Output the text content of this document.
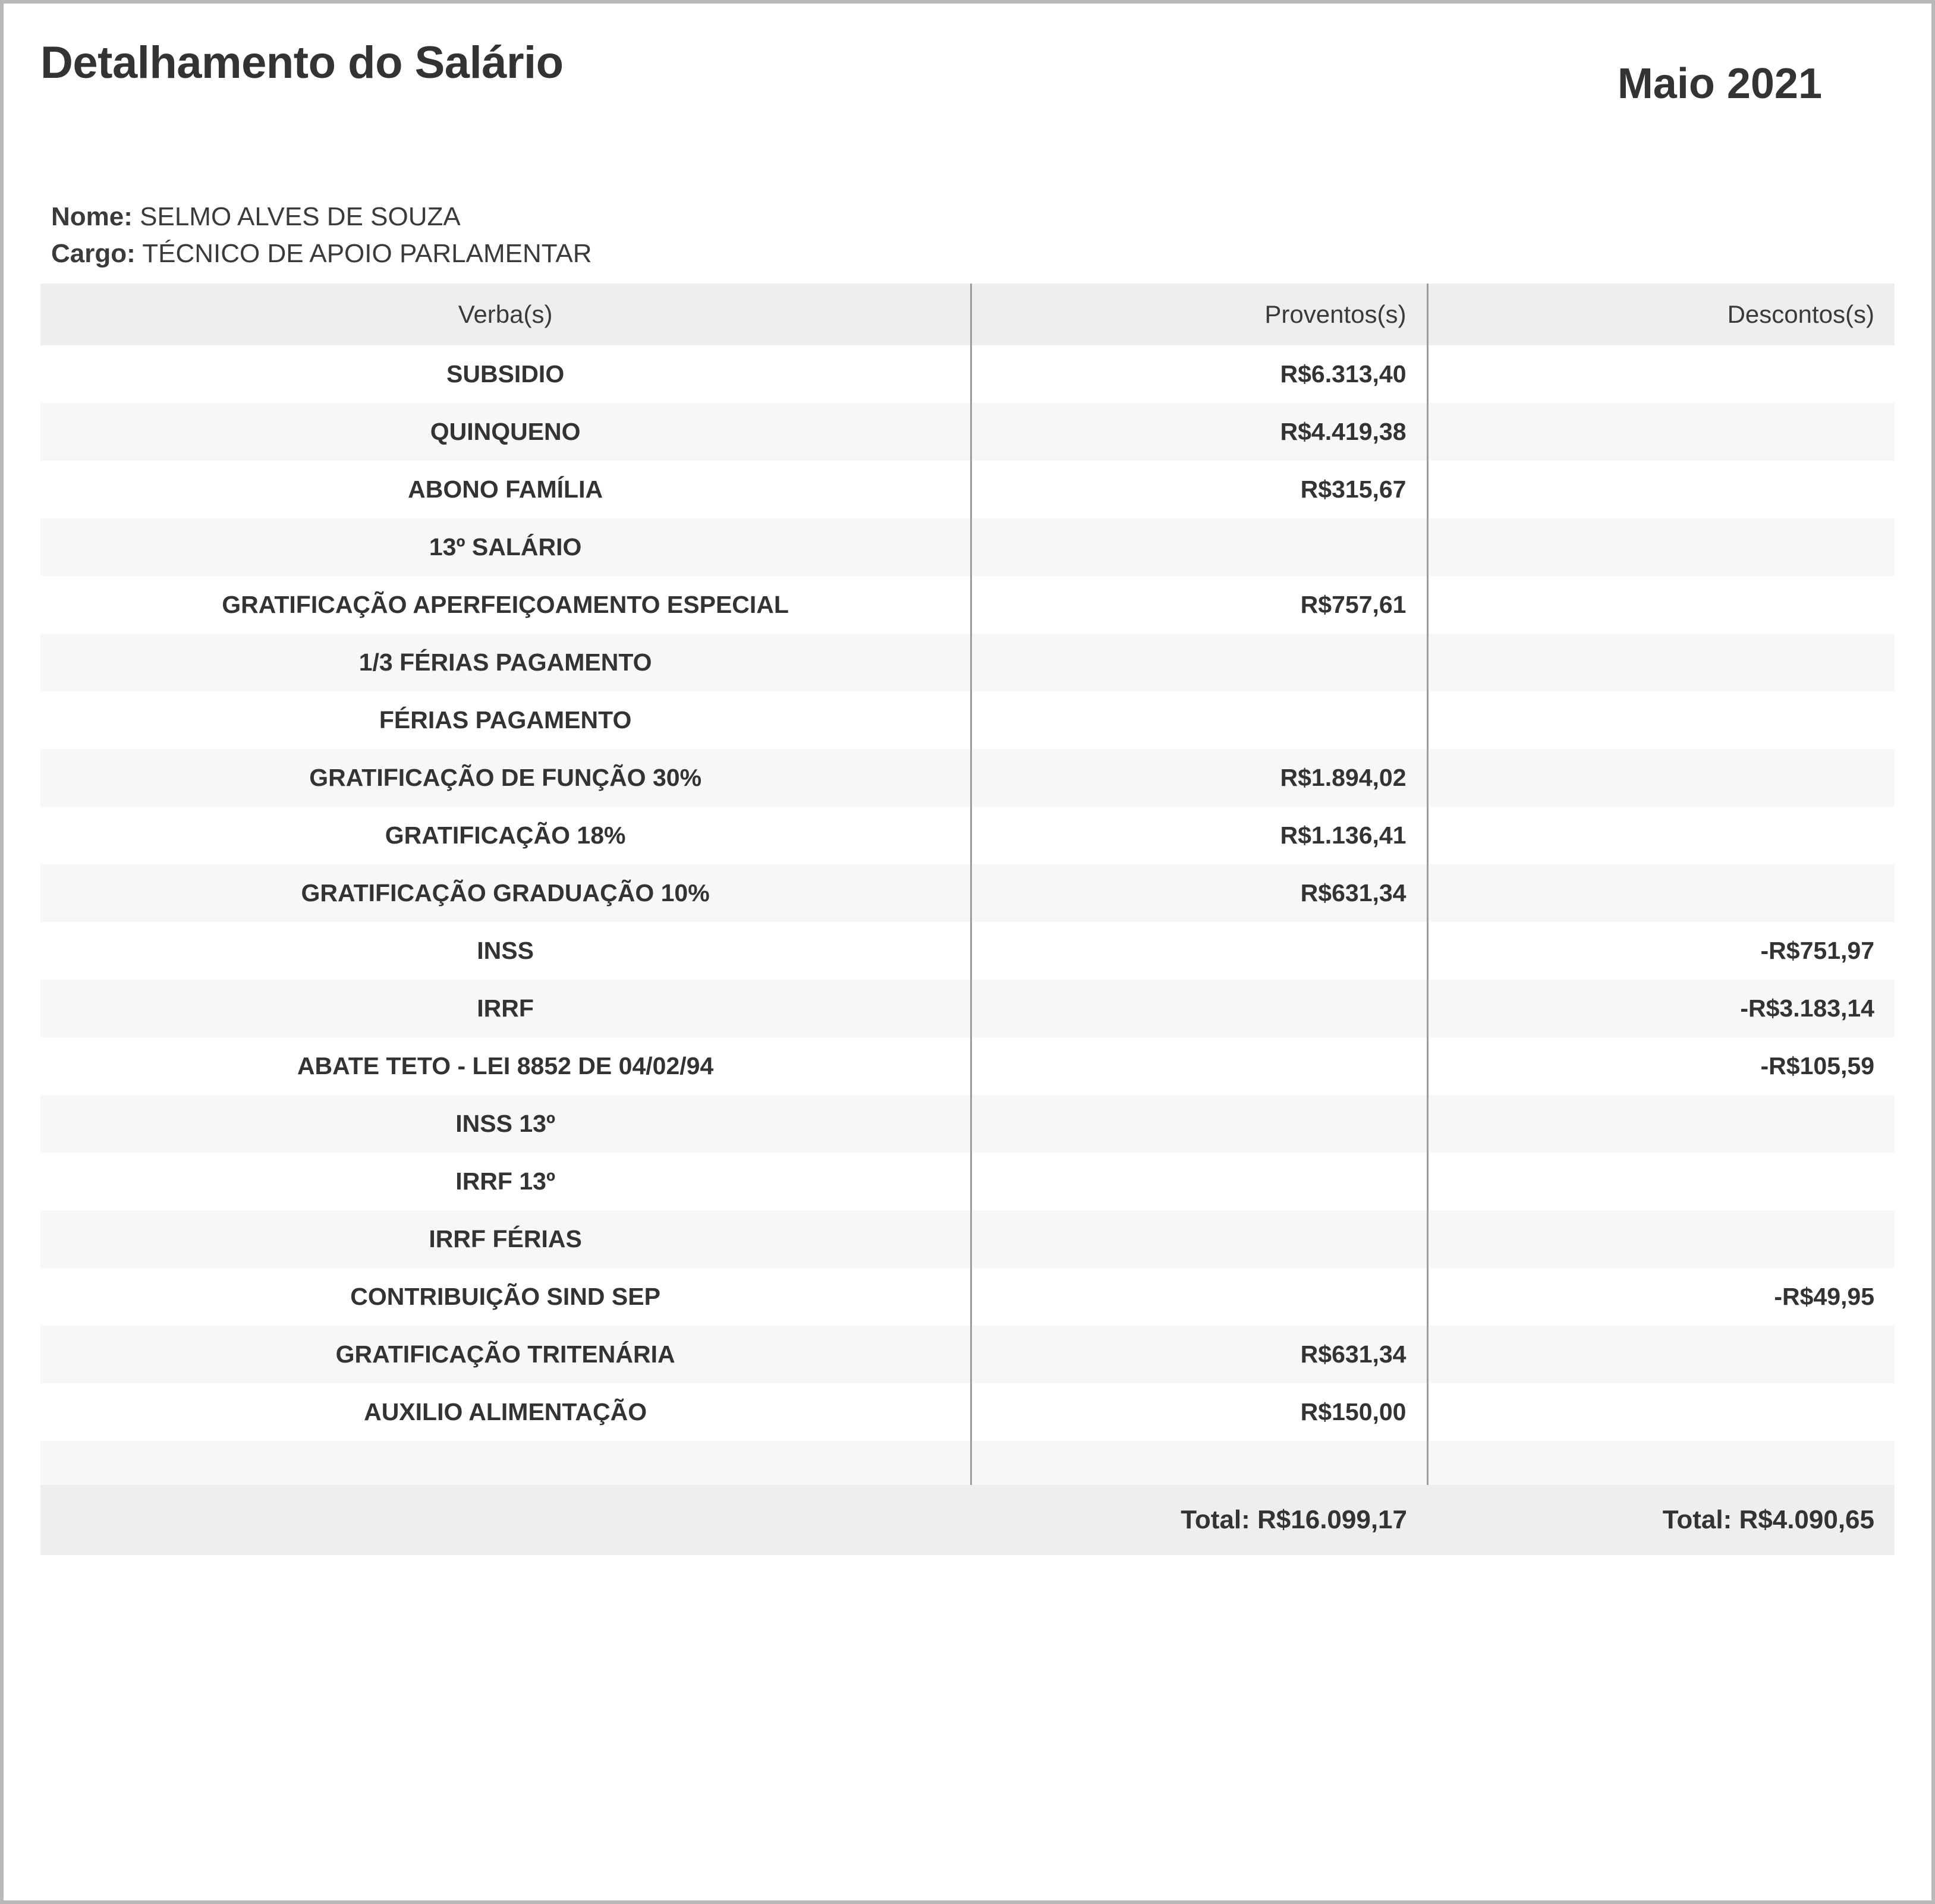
Detalhamento do Salário	Maio 2021
Nome: SELMO ALVES DE SOUZA
Cargo: TÉCNICO DE APOIO PARLAMENTAR
Verba(s)	Proventos(s)	Descontos(s)
SUBSIDIO	R$6.313,40	
QUINQUENO	R$4.419,38	
ABONO FAMÍLIA	R$315,67	
13º SALÁRIO		
GRATIFICAÇÃO APERFEIÇOAMENTO ESPECIAL	R$757,61	
1/3 FÉRIAS PAGAMENTO		
FÉRIAS PAGAMENTO		
GRATIFICAÇÃO DE FUNÇÃO 30%	R$1.894,02	
GRATIFICAÇÃO 18%	R$1.136,41	
GRATIFICAÇÃO GRADUAÇÃO 10%	R$631,34	
INSS		-R$751,97
IRRF		-R$3.183,14
ABATE TETO - LEI 8852 DE 04/02/94		-R$105,59
INSS 13º		
IRRF 13º		
IRRF FÉRIAS		
CONTRIBUIÇÃO SIND SEP		-R$49,95
GRATIFICAÇÃO TRITENÁRIA	R$631,34	
AUXILIO ALIMENTAÇÃO	R$150,00	

	Total: R$16.099,17	Total: R$4.090,65
